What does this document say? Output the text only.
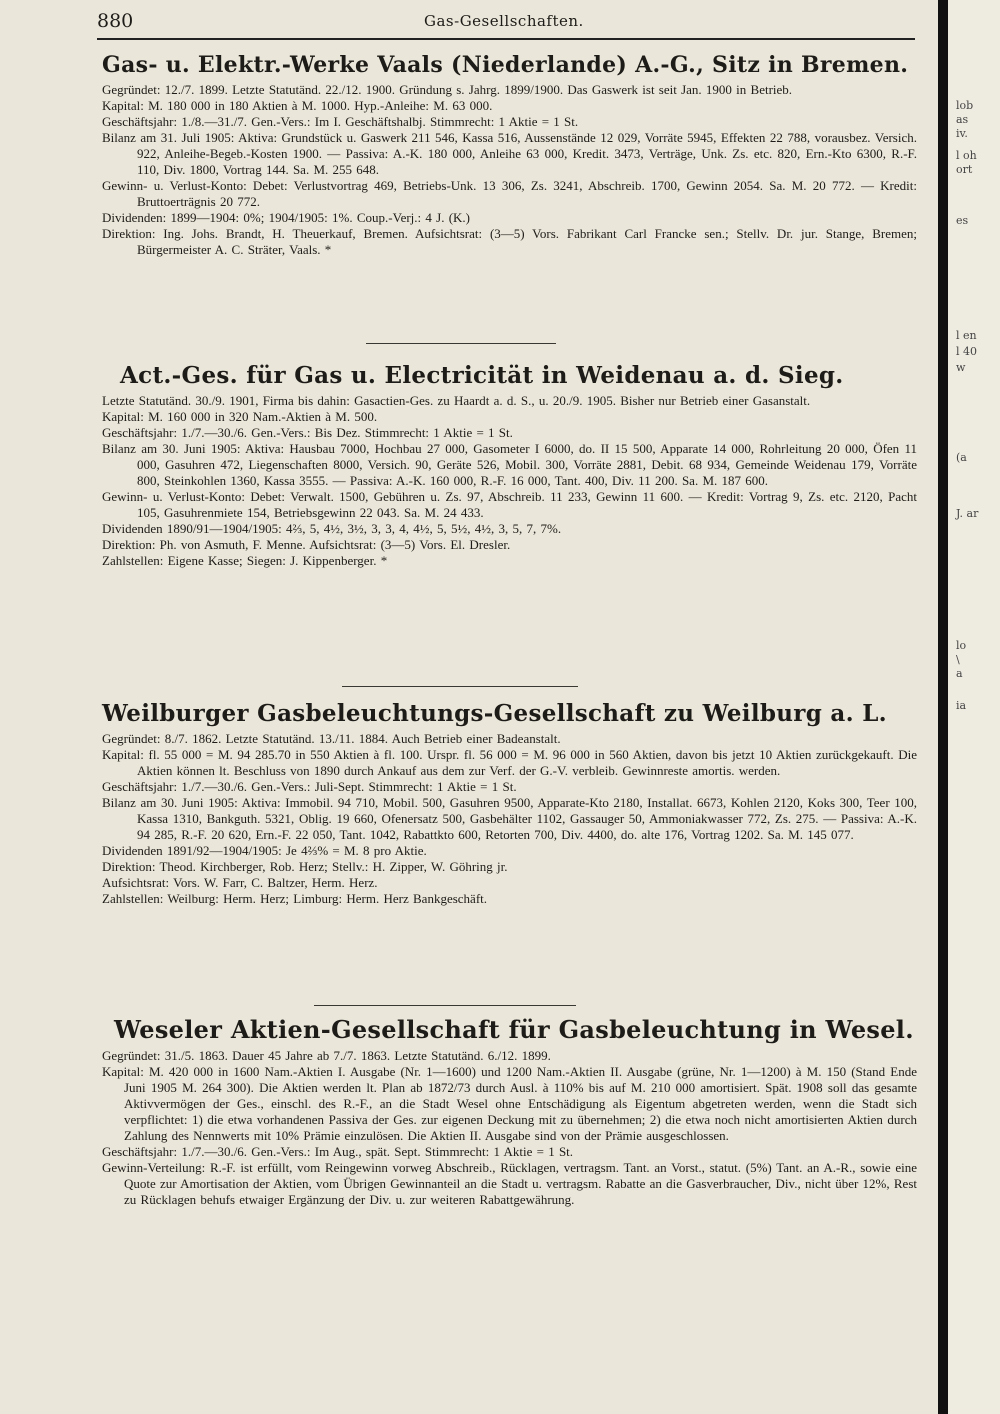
880	Gas-Gesellschaften.
lob
as
iv.
l oh
ort
es
l en
l 40
w
(a
J. ar
lo
\
a
ia
Gas- u. Elektr.-Werke Vaals (Niederlande) A.-G., Sitz in Bremen.

Gegründet: 12./7. 1899. Letzte Statutänd. 22./12. 1900. Gründung s. Jahrg. 1899/1900. Das Gaswerk ist seit Jan. 1900 in Betrieb.

Kapital: M. 180 000 in 180 Aktien à M. 1000. Hyp.-Anleihe: M. 63 000.

Geschäftsjahr: 1./8.—31./7. Gen.-Vers.: Im I. Geschäftshalbj. Stimmrecht: 1 Aktie = 1 St.

Bilanz am 31. Juli 1905: Aktiva: Grundstück u. Gaswerk 211 546, Kassa 516, Aussenstände 12 029, Vorräte 5945, Effekten 22 788, vorausbez. Versich. 922, Anleihe-Begeb.-Kosten 1900. — Passiva: A.-K. 180 000, Anleihe 63 000, Kredit. 3473, Verträge, Unk. Zs. etc. 820, Ern.-Kto 6300, R.-F. 110, Div. 1800, Vortrag 144. Sa. M. 255 648.

Gewinn- u. Verlust-Konto: Debet: Verlustvortrag 469, Betriebs-Unk. 13 306, Zs. 3241, Abschreib. 1700, Gewinn 2054. Sa. M. 20 772. — Kredit: Bruttoerträgnis 20 772.

Dividenden: 1899—1904: 0%; 1904/1905: 1%. Coup.-Verj.: 4 J. (K.)

Direktion: Ing. Johs. Brandt, H. Theuerkauf, Bremen. Aufsichtsrat: (3—5) Vors. Fabrikant Carl Francke sen.; Stellv. Dr. jur. Stange, Bremen; Bürgermeister A. C. Sträter, Vaals. *

Act.-Ges. für Gas u. Electricität in Weidenau a. d. Sieg.

Letzte Statutänd. 30./9. 1901, Firma bis dahin: Gasactien-Ges. zu Haardt a. d. S., u. 20./9. 1905. Bisher nur Betrieb einer Gasanstalt.

Kapital: M. 160 000 in 320 Nam.-Aktien à M. 500.

Geschäftsjahr: 1./7.—30./6. Gen.-Vers.: Bis Dez. Stimmrecht: 1 Aktie = 1 St.

Bilanz am 30. Juni 1905: Aktiva: Hausbau 7000, Hochbau 27 000, Gasometer I 6000, do. II 15 500, Apparate 14 000, Rohrleitung 20 000, Öfen 11 000, Gasuhren 472, Liegenschaften 8000, Versich. 90, Geräte 526, Mobil. 300, Vorräte 2881, Debit. 68 934, Gemeinde Weidenau 179, Vorräte 800, Steinkohlen 1360, Kassa 3555. — Passiva: A.-K. 160 000, R.-F. 16 000, Tant. 400, Div. 11 200. Sa. M. 187 600.

Gewinn- u. Verlust-Konto: Debet: Verwalt. 1500, Gebühren u. Zs. 97, Abschreib. 11 233, Gewinn 11 600. — Kredit: Vortrag 9, Zs. etc. 2120, Pacht 105, Gasuhrenmiete 154, Betriebsgewinn 22 043. Sa. M. 24 433.

Dividenden 1890/91—1904/1905: 4⅔, 5, 4½, 3½, 3, 3, 4, 4½, 5, 5½, 4½, 3, 5, 7, 7%.

Direktion: Ph. von Asmuth, F. Menne. Aufsichtsrat: (3—5) Vors. El. Dresler.

Zahlstellen: Eigene Kasse; Siegen: J. Kippenberger. *

Weilburger Gasbeleuchtungs-Gesellschaft zu Weilburg a. L.

Gegründet: 8./7. 1862. Letzte Statutänd. 13./11. 1884. Auch Betrieb einer Badeanstalt.

Kapital: fl. 55 000 = M. 94 285.70 in 550 Aktien à fl. 100. Urspr. fl. 56 000 = M. 96 000 in 560 Aktien, davon bis jetzt 10 Aktien zurückgekauft. Die Aktien können lt. Beschluss von 1890 durch Ankauf aus dem zur Verf. der G.-V. verbleib. Gewinnreste amortis. werden.

Geschäftsjahr: 1./7.—30./6. Gen.-Vers.: Juli-Sept. Stimmrecht: 1 Aktie = 1 St.

Bilanz am 30. Juni 1905: Aktiva: Immobil. 94 710, Mobil. 500, Gasuhren 9500, Apparate-Kto 2180, Installat. 6673, Kohlen 2120, Koks 300, Teer 100, Kassa 1310, Bankguth. 5321, Oblig. 19 660, Ofenersatz 500, Gasbehälter 1102, Gassauger 50, Ammoniakwasser 772, Zs. 275. — Passiva: A.-K. 94 285, R.-F. 20 620, Ern.-F. 22 050, Tant. 1042, Rabattkto 600, Retorten 700, Div. 4400, do. alte 176, Vortrag 1202. Sa. M. 145 077.

Dividenden 1891/92—1904/1905: Je 4⅔% = M. 8 pro Aktie.

Direktion: Theod. Kirchberger, Rob. Herz; Stellv.: H. Zipper, W. Göhring jr.

Aufsichtsrat: Vors. W. Farr, C. Baltzer, Herm. Herz.

Zahlstellen: Weilburg: Herm. Herz; Limburg: Herm. Herz Bankgeschäft.

Weseler Aktien-Gesellschaft für Gasbeleuchtung in Wesel.

Gegründet: 31./5. 1863. Dauer 45 Jahre ab 7./7. 1863. Letzte Statutänd. 6./12. 1899.

Kapital: M. 420 000 in 1600 Nam.-Aktien I. Ausgabe (Nr. 1—1600) und 1200 Nam.-Aktien II. Ausgabe (grüne, Nr. 1—1200) à M. 150 (Stand Ende Juni 1905 M. 264 300). Die Aktien werden lt. Plan ab 1872/73 durch Ausl. à 110% bis auf M. 210 000 amortisiert. Spät. 1908 soll das gesamte Aktivvermögen der Ges., einschl. des R.-F., an die Stadt Wesel ohne Entschädigung als Eigentum abgetreten werden, wenn die Stadt sich verpflichtet: 1) die etwa vorhandenen Passiva der Ges. zur eigenen Deckung mit zu übernehmen; 2) die etwa noch nicht amortisierten Aktien durch Zahlung des Nennwerts mit 10% Prämie einzulösen. Die Aktien II. Ausgabe sind von der Prämie ausgeschlossen.

Geschäftsjahr: 1./7.—30./6. Gen.-Vers.: Im Aug., spät. Sept. Stimmrecht: 1 Aktie = 1 St.

Gewinn-Verteilung: R.-F. ist erfüllt, vom Reingewinn vorweg Abschreib., Rücklagen, vertragsm. Tant. an Vorst., statut. (5%) Tant. an A.-R., sowie eine Quote zur Amortisation der Aktien, vom Übrigen Gewinnanteil an die Stadt u. vertragsm. Rabatte an die Gasverbraucher, Div., nicht über 12%, Rest zu Rücklagen behufs etwaiger Ergänzung der Div. u. zur weiteren Rabattgewährung.
